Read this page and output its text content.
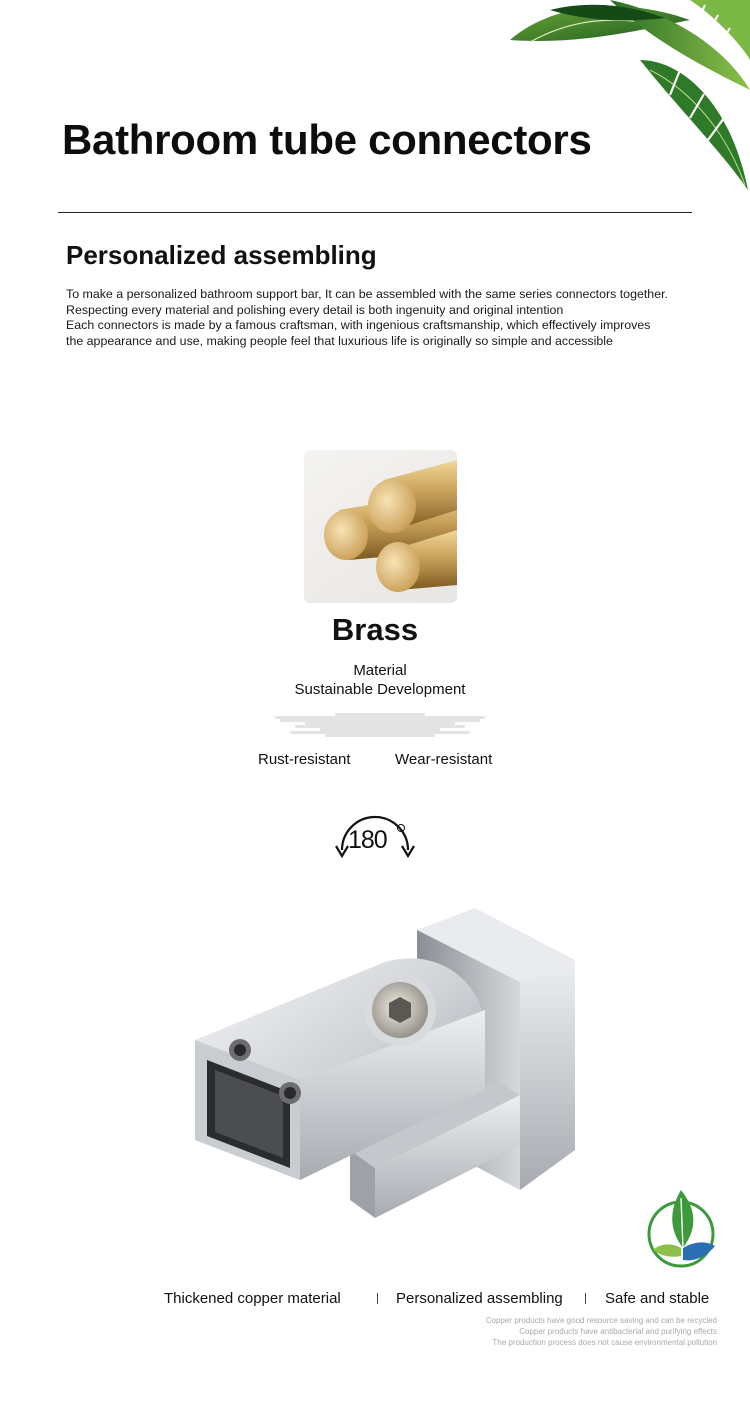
Bathroom tube connectors
Personalized assembling
To make a personalized bathroom support bar, It can be assembled with the same series connectors together.
Respecting every material and polishing every detail is both ingenuity and original intention
Each connectors is made by a famous craftsman, with ingenious craftsmanship, which effectively improves
the appearance and use, making people feel that luxurious life is originally so simple and accessible
Brass
Material
Sustainable Development
Rust-resistant	Wear-resistant
180
Thickened copper material	Personalized assembling	Safe and stable
Copper products have good resource saving and can be recycled
Copper products have antibacterial and purifying effects
The production process does not cause environmental pollution
